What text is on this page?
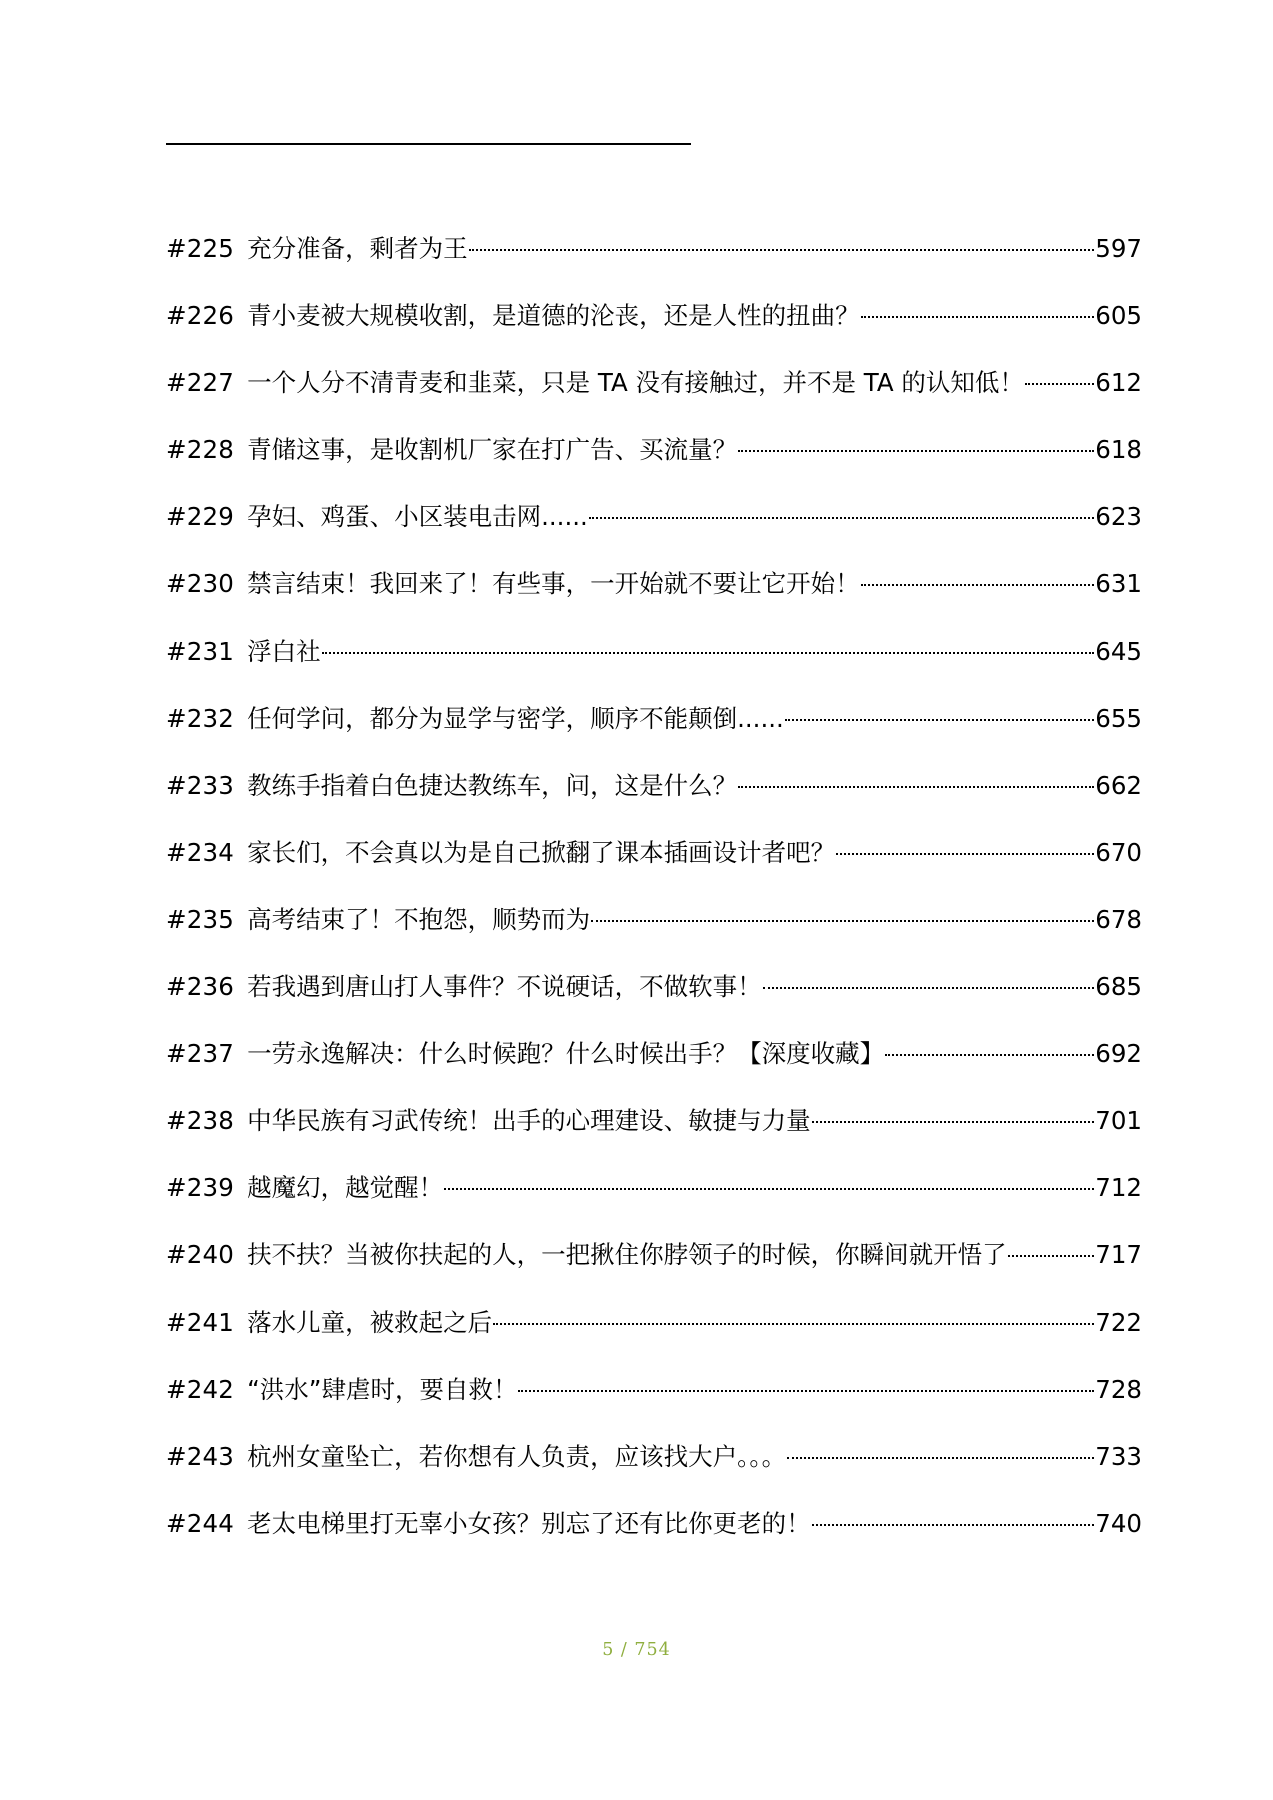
#225 充分准备，剩者为王	597
#226 青小麦被大规模收割，是道德的沦丧，还是人性的扭曲？	605
#227 一个人分不清青麦和韭菜，只是 TA 没有接触过，并不是 TA 的认知低！	612
#228 青储这事，是收割机厂家在打广告、买流量？	618
#229 孕妇、鸡蛋、小区装电击网......	623
#230 禁言结束！我回来了！有些事，一开始就不要让它开始！	631
#231 浮白社	645
#232 任何学问，都分为显学与密学，顺序不能颠倒......	655
#233 教练手指着白色捷达教练车，问，这是什么？	662
#234 家长们，不会真以为是自己掀翻了课本插画设计者吧？	670
#235 高考结束了！不抱怨，顺势而为	678
#236 若我遇到唐山打人事件？不说硬话，不做软事！	685
#237 一劳永逸解决：什么时候跑？什么时候出手？【深度收藏】	692
#238 中华民族有习武传统！出手的心理建设、敏捷与力量	701
#239 越魔幻，越觉醒！	712
#240 扶不扶？当被你扶起的人，一把揪住你脖领子的时候，你瞬间就开悟了	717
#241 落水儿童，被救起之后	722
#242 “洪水”肆虐时，要自救！	728
#243 杭州女童坠亡，若你想有人负责，应该找大户。。。	733
#244 老太电梯里打无辜小女孩？别忘了还有比你更老的！	740
5 / 754
